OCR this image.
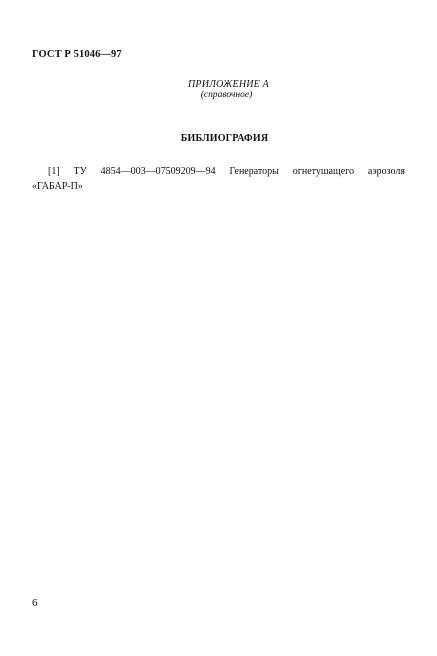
ГОСТ Р 51046—97
ПРИЛОЖЕНИЕ А
(справочное)
БИБЛИОГРАФИЯ
[1] ТУ 4854—003—07509209—94 Генераторы огнетушащего аэрозоля
«ГАБАР-П»
6
